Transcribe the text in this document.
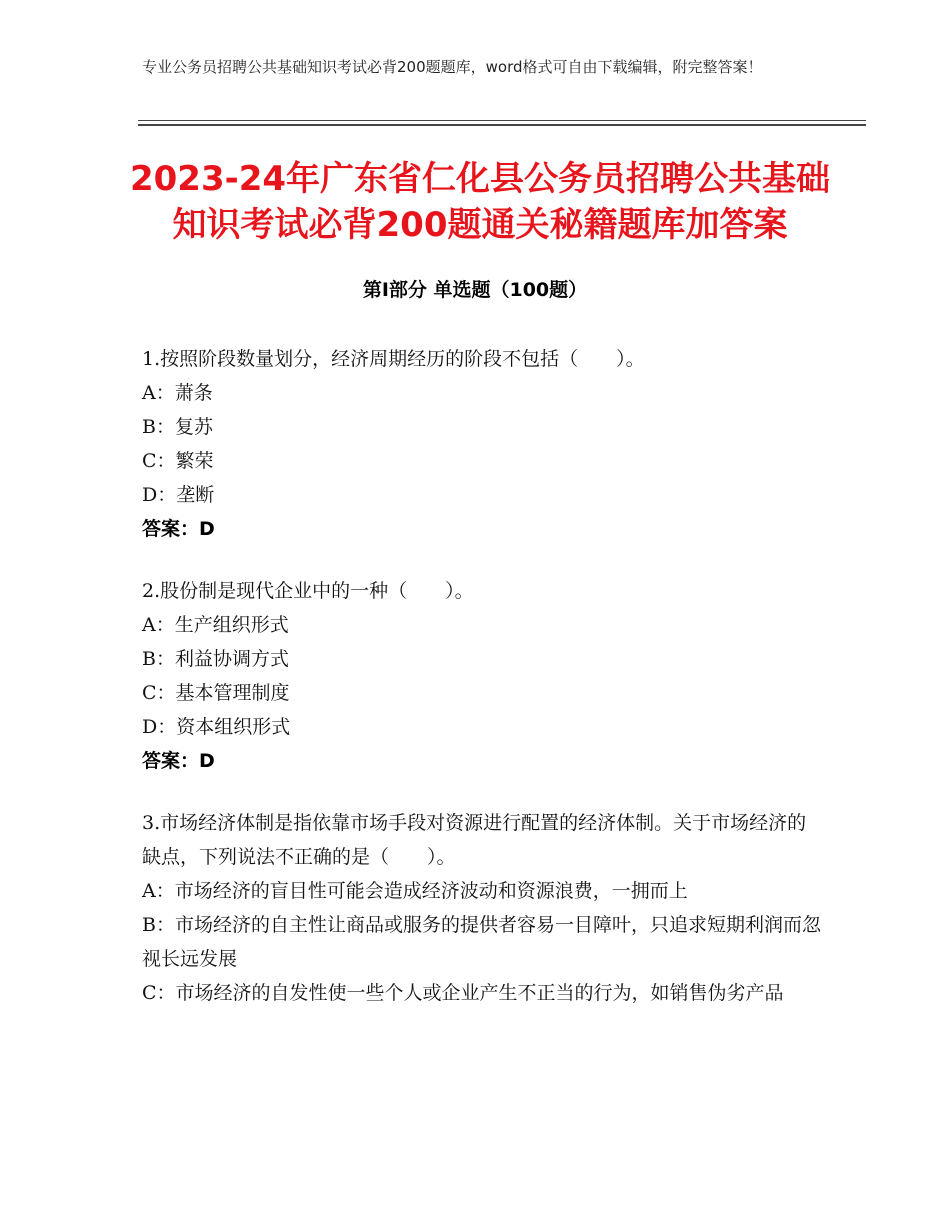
专业公务员招聘公共基础知识考试必背200题题库，word格式可自由下载编辑，附完整答案！
2023-24年广东省仁化县公务员招聘公共基础知识考试必背200题通关秘籍题库加答案
第Ⅰ部分 单选题（100题）

1.按照阶段数量划分，经济周期经历的阶段不包括（　　）。

A：萧条

B：复苏

C：繁荣

D：垄断

答案：D

2.股份制是现代企业中的一种（　　）。

A：生产组织形式

B：利益协调方式

C：基本管理制度

D：资本组织形式

答案：D

3.市场经济体制是指依靠市场手段对资源进行配置的经济体制。关于市场经济的缺点，下列说法不正确的是（　　）。

A：市场经济的盲目性可能会造成经济波动和资源浪费，一拥而上

B：市场经济的自主性让商品或服务的提供者容易一目障叶，只追求短期利润而忽视长远发展

C：市场经济的自发性使一些个人或企业产生不正当的行为，如销售伪劣产品
